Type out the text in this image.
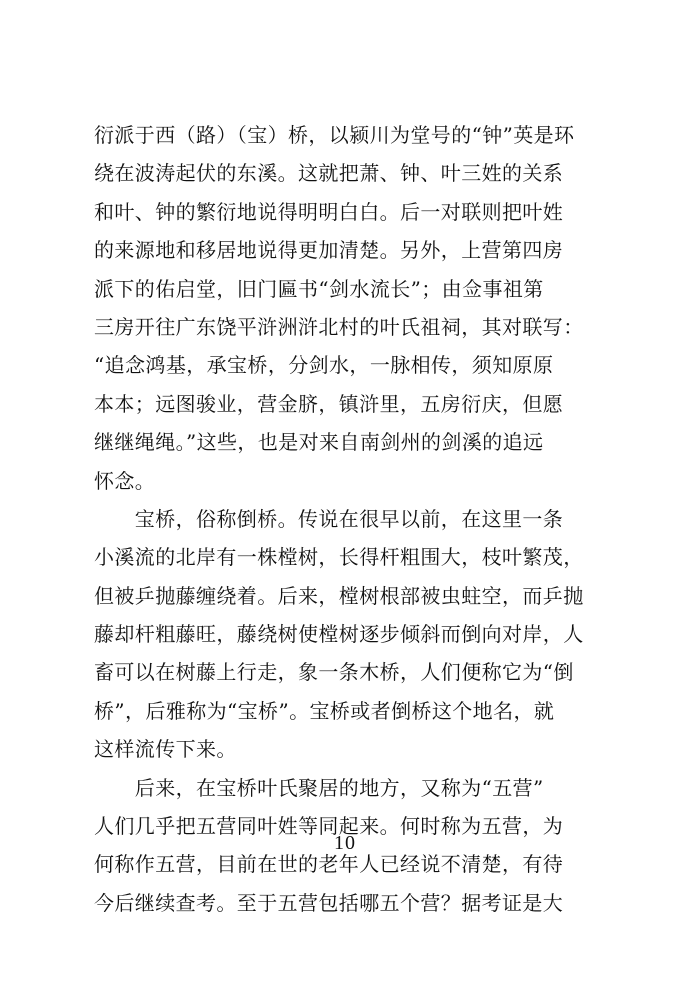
衍派于西（路）（宝）桥，以颍川为堂号的“钟”英是环
绕在波涛起伏的东溪。这就把萧、钟、叶三姓的关系
和叶、钟的繁衍地说得明明白白。后一对联则把叶姓
的来源地和移居地说得更加清楚。另外，上营第四房
派下的佑启堂，旧门匾书“剑水流长”；由佥事祖第
三房开往广东饶平浒洲浒北村的叶氏祖祠，其对联写：
“追念鸿基，承宝桥，分剑水，一脉相传，须知原原
本本；远图骏业，营金脐，镇浒里，五房衍庆，但愿
继继绳绳。”这些，也是对来自南剑州的剑溪的追远
怀念。
　　宝桥，俗称倒桥。传说在很早以前，在这里一条
小溪流的北岸有一株樘树，长得杆粗围大，枝叶繁茂，
但被乒抛藤缠绕着。后来，樘树根部被虫蛀空，而乒抛
藤却杆粗藤旺，藤绕树使樘树逐步倾斜而倒向对岸，人
畜可以在树藤上行走，象一条木桥，人们便称它为“倒
桥”，后雅称为“宝桥”。宝桥或者倒桥这个地名，就
这样流传下来。
　　后来，在宝桥叶氏聚居的地方，又称为“五营”
人们几乎把五营同叶姓等同起来。何时称为五营，为
何称作五营，目前在世的老年人已经说不清楚，有待
今后继续查考。至于五营包括哪五个营？据考证是大
10
